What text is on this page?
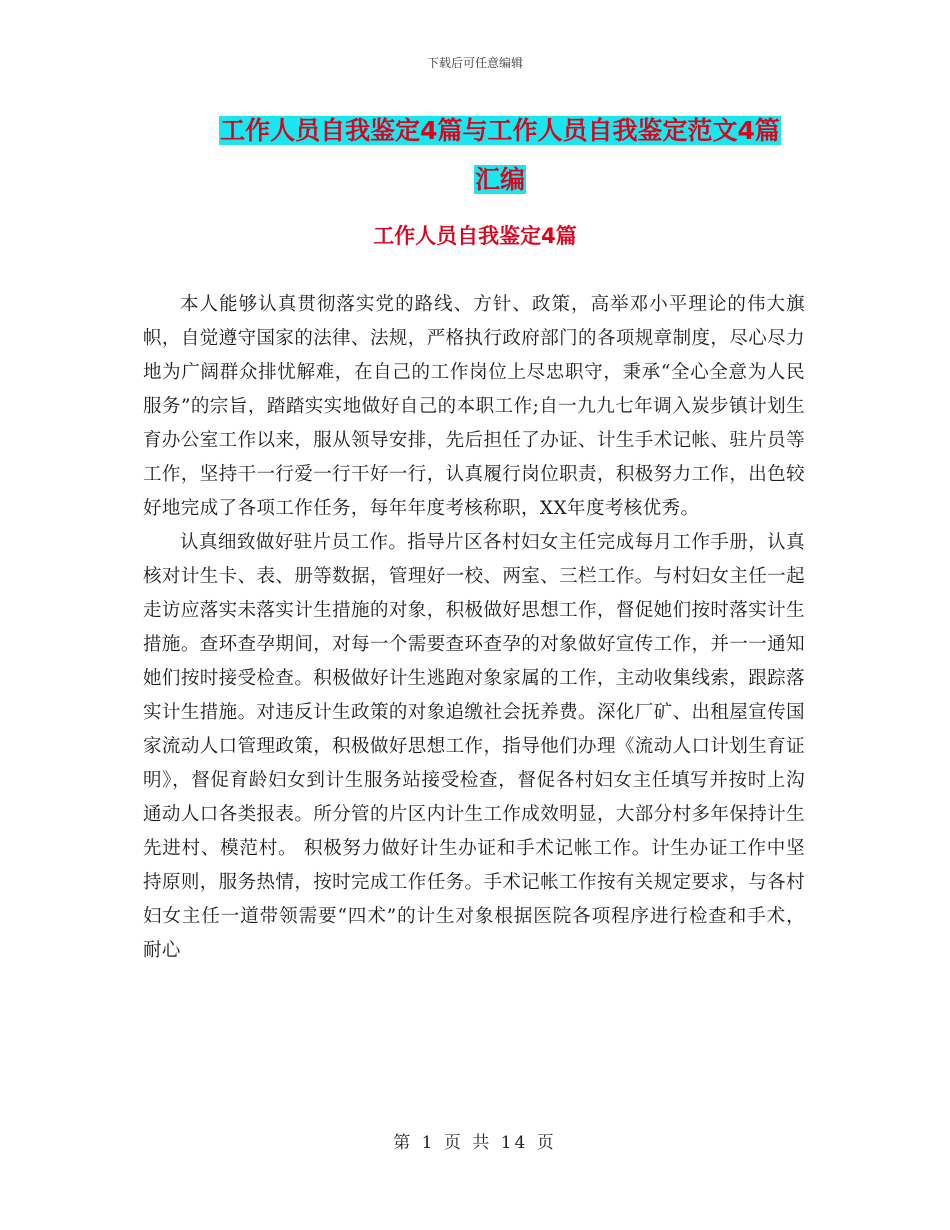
下载后可任意编辑
工作人员自我鉴定4篇与工作人员自我鉴定范文4篇
汇编
工作人员自我鉴定4篇

本人能够认真贯彻落实党的路线、方针、政策，高举邓小平理论的伟大旗帜，自觉遵守国家的法律、法规，严格执行政府部门的各项规章制度，尽心尽力地为广阔群众排忧解难，在自己的工作岗位上尽忠职守，秉承“全心全意为人民服务”的宗旨，踏踏实实地做好自己的本职工作;自一九九七年调入炭步镇计划生育办公室工作以来，服从领导安排，先后担任了办证、计生手术记帐、驻片员等工作，坚持干一行爱一行干好一行，认真履行岗位职责，积极努力工作，出色较好地完成了各项工作任务，每年年度考核称职，XX年度考核优秀。

认真细致做好驻片员工作。指导片区各村妇女主任完成每月工作手册，认真核对计生卡、表、册等数据，管理好一校、两室、三栏工作。与村妇女主任一起走访应落实未落实计生措施的对象，积极做好思想工作，督促她们按时落实计生措施。查环查孕期间，对每一个需要查环查孕的对象做好宣传工作，并一一通知她们按时接受检查。积极做好计生逃跑对象家属的工作，主动收集线索，跟踪落实计生措施。对违反计生政策的对象追缴社会抚养费。深化厂矿、出租屋宣传国家流动人口管理政策，积极做好思想工作，指导他们办理《流动人口计划生育证明》，督促育龄妇女到计生服务站接受检查，督促各村妇女主任填写并按时上沟通动人口各类报表。所分管的片区内计生工作成效明显，大部分村多年保持计生先进村、模范村。 积极努力做好计生办证和手术记帐工作。计生办证工作中坚持原则，服务热情，按时完成工作任务。手术记帐工作按有关规定要求，与各村妇女主任一道带领需要“四术”的计生对象根据医院各项程序进行检查和手术，耐心

第 1 页 共 14 页
